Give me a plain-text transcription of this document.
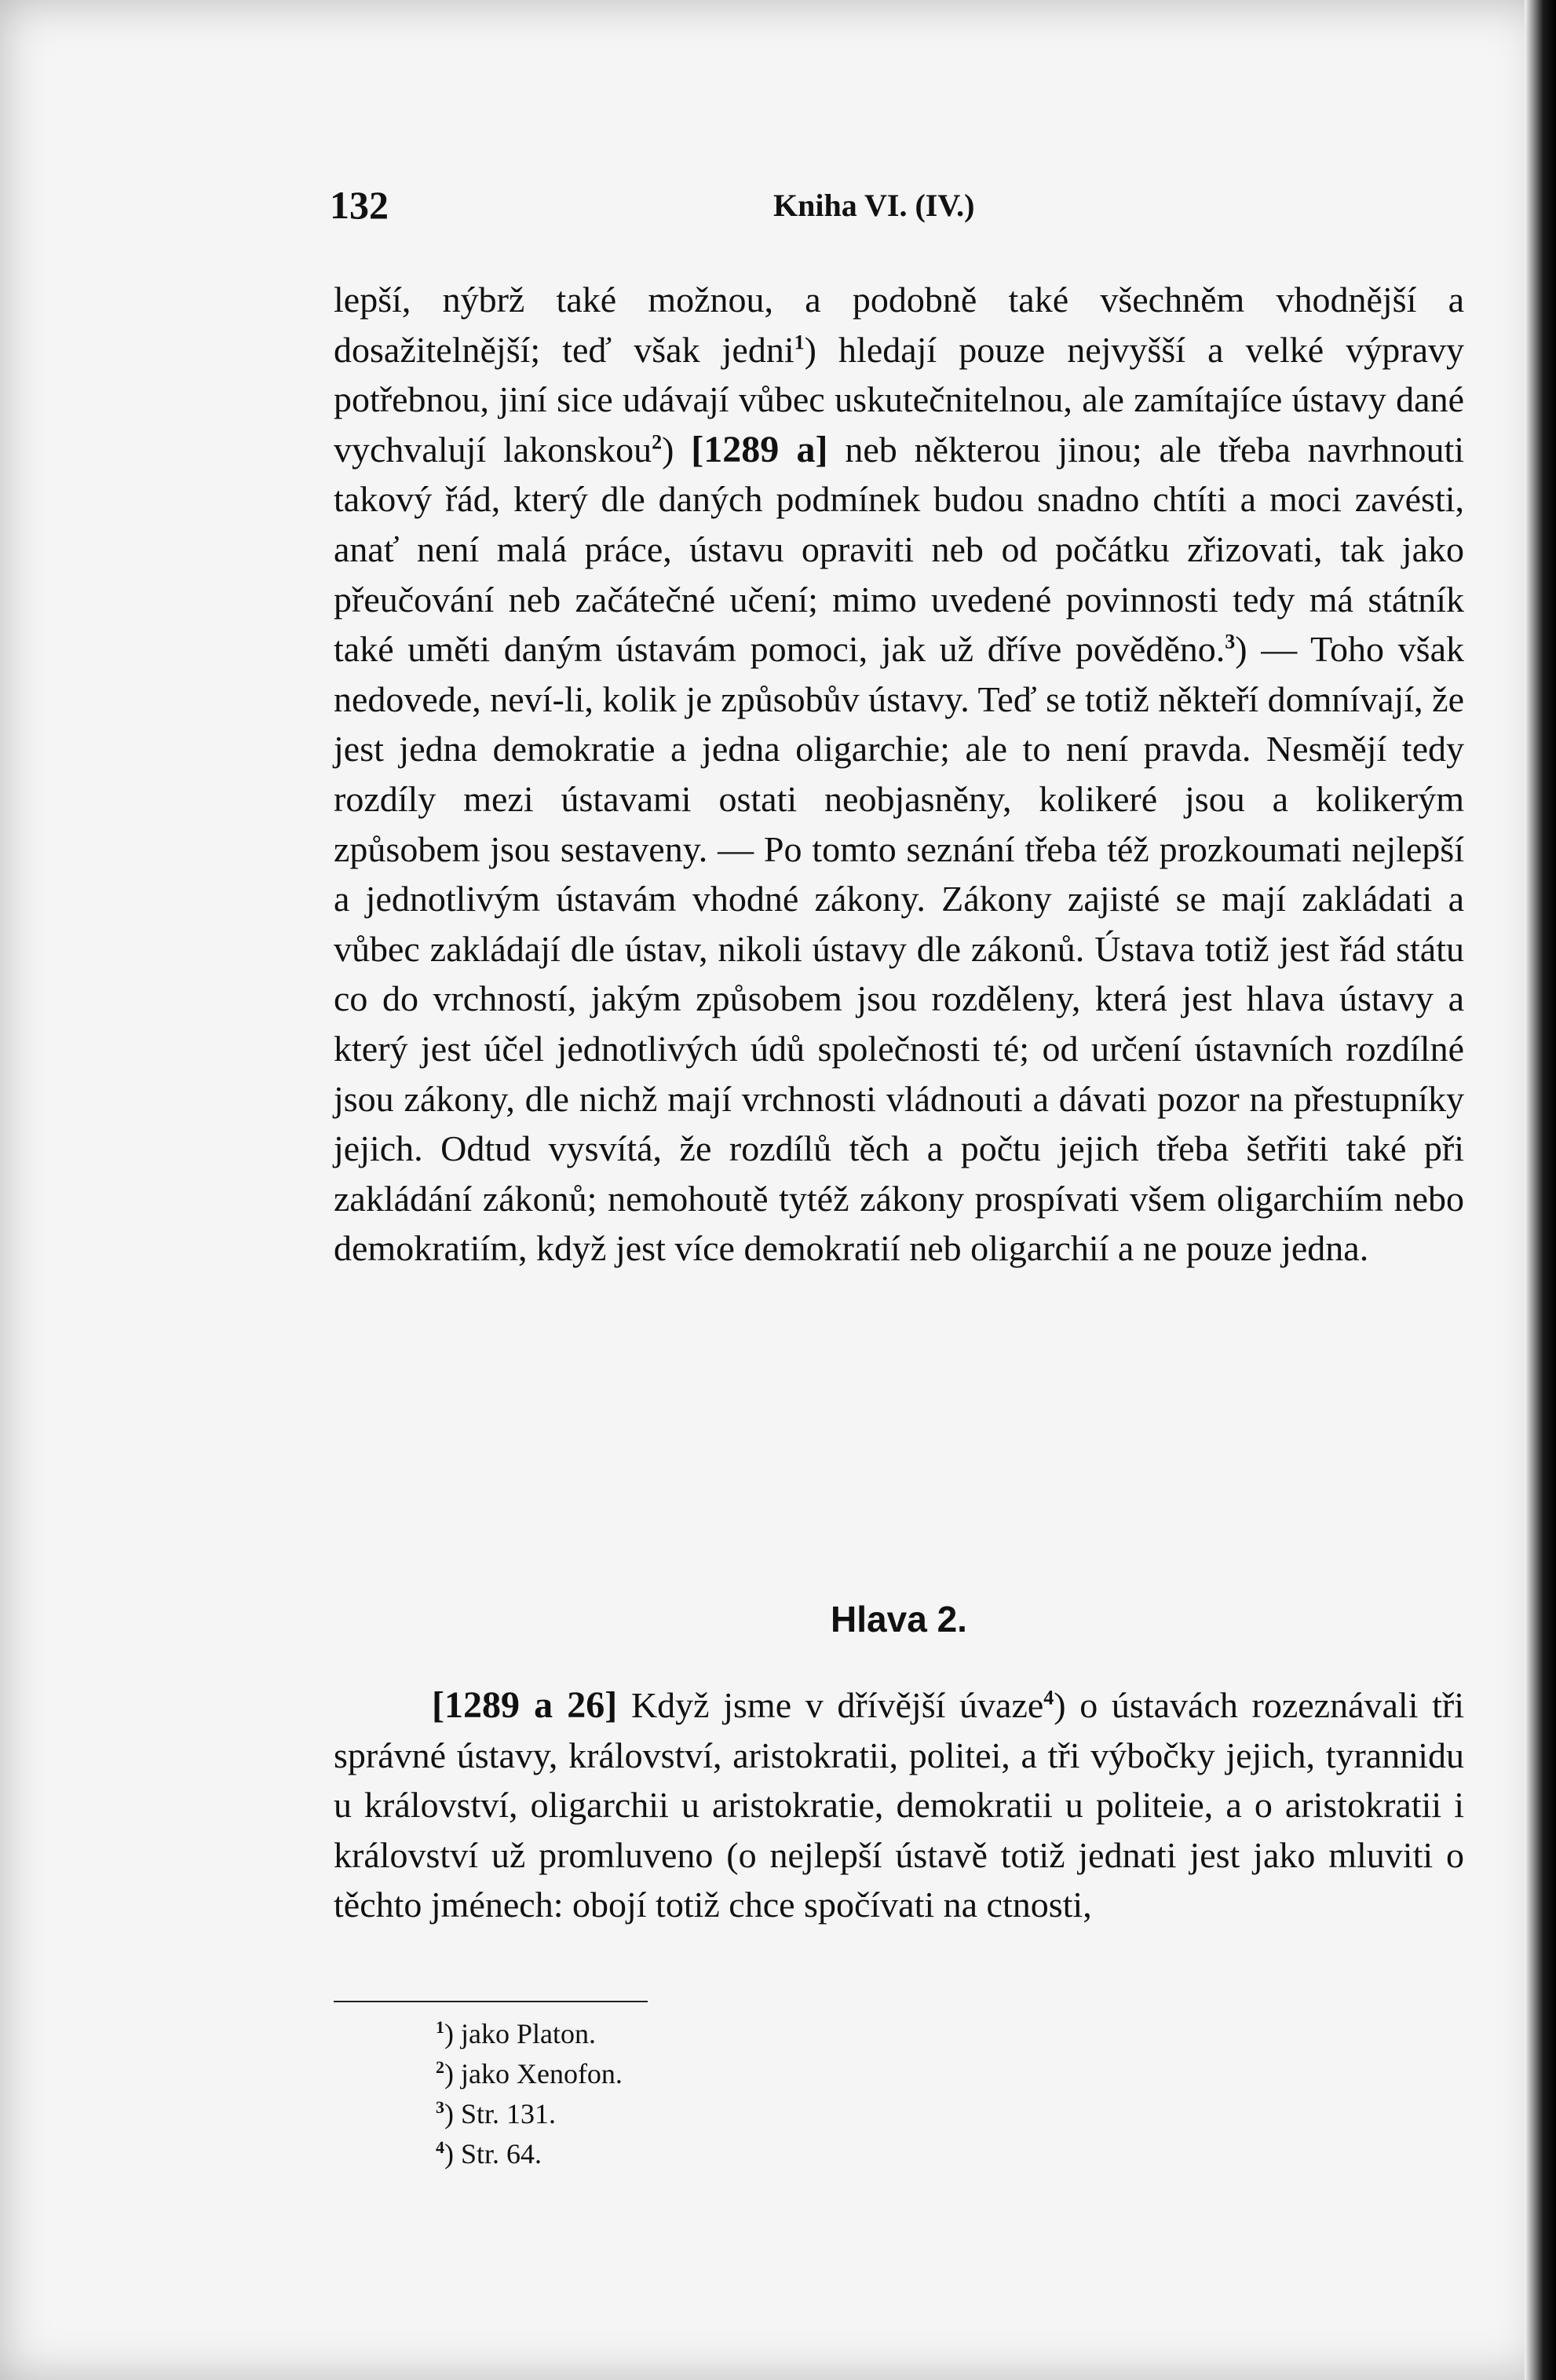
132	Kniha VI. (IV.)

lepší, nýbrž také možnou, a podobně také všechněm vhodnější a dosažitelnější; teď však jedni$^1$) hledají pouze nejvyšší a velké výpravy potřebnou, jiní sice udávají vůbec uskutečnitelnou, ale zamítajíce ústavy dané vychvalují lakonskou$^2$) [1289 a] neb některou jinou; ale třeba navrhnouti takový řád, který dle daných podmínek budou snadno chtíti a moci zavésti, anať není malá práce, ústavu opraviti neb od počátku zřizovati, tak jako přeučování neb začátečné učení; mimo uvedené povinnosti tedy má státník také uměti daným ústavám pomoci, jak už dříve pověděno.$^3$) — Toho však nedovede, neví-li, kolik je způsobův ústavy. Teď se totiž někteří domnívají, že jest jedna demokratie a jedna oligarchie; ale to není pravda. Nesmějí tedy rozdíly mezi ústavami ostati neobjasněny, kolikeré jsou a kolikerým způsobem jsou sestaveny. — Po tomto seznání třeba též prozkoumati nejlepší a jednotlivým ústavám vhodné zákony. Zákony zajisté se mají zakládati a vůbec zakládají dle ústav, nikoli ústavy dle zákonů. Ústava totiž jest řád státu co do vrchností, jakým způsobem jsou rozděleny, která jest hlava ústavy a který jest účel jednotlivých údů společnosti té; od určení ústavních rozdílné jsou zákony, dle nichž mají vrchnosti vládnouti a dávati pozor na přestupníky jejich. Odtud vysvítá, že rozdílů těch a počtu jejich třeba šetřiti také při zakládání zákonů; nemohoutě tytéž zákony prospívati všem oligarchiím nebo demokratiím, když jest více demokratií neb oligarchií a ne pouze jedna.

Hlava 2.

[1289 a 26] Když jsme v dřívější úvaze$^4$) o ústavách rozeznávali tři správné ústavy, království, aristokratii, politei, a tři výbočky jejich, tyrannidu u království, oligarchii u aristokratie, demokratii u politeie, a o aristokratii i království už promluveno (o nejlepší ústavě totiž jednati jest jako mluviti o těchto jménech: obojí totiž chce spočívati na ctnosti,

$^1$) jako Platon.
$^2$) jako Xenofon.
$^3$) Str. 131.
$^4$) Str. 64.
